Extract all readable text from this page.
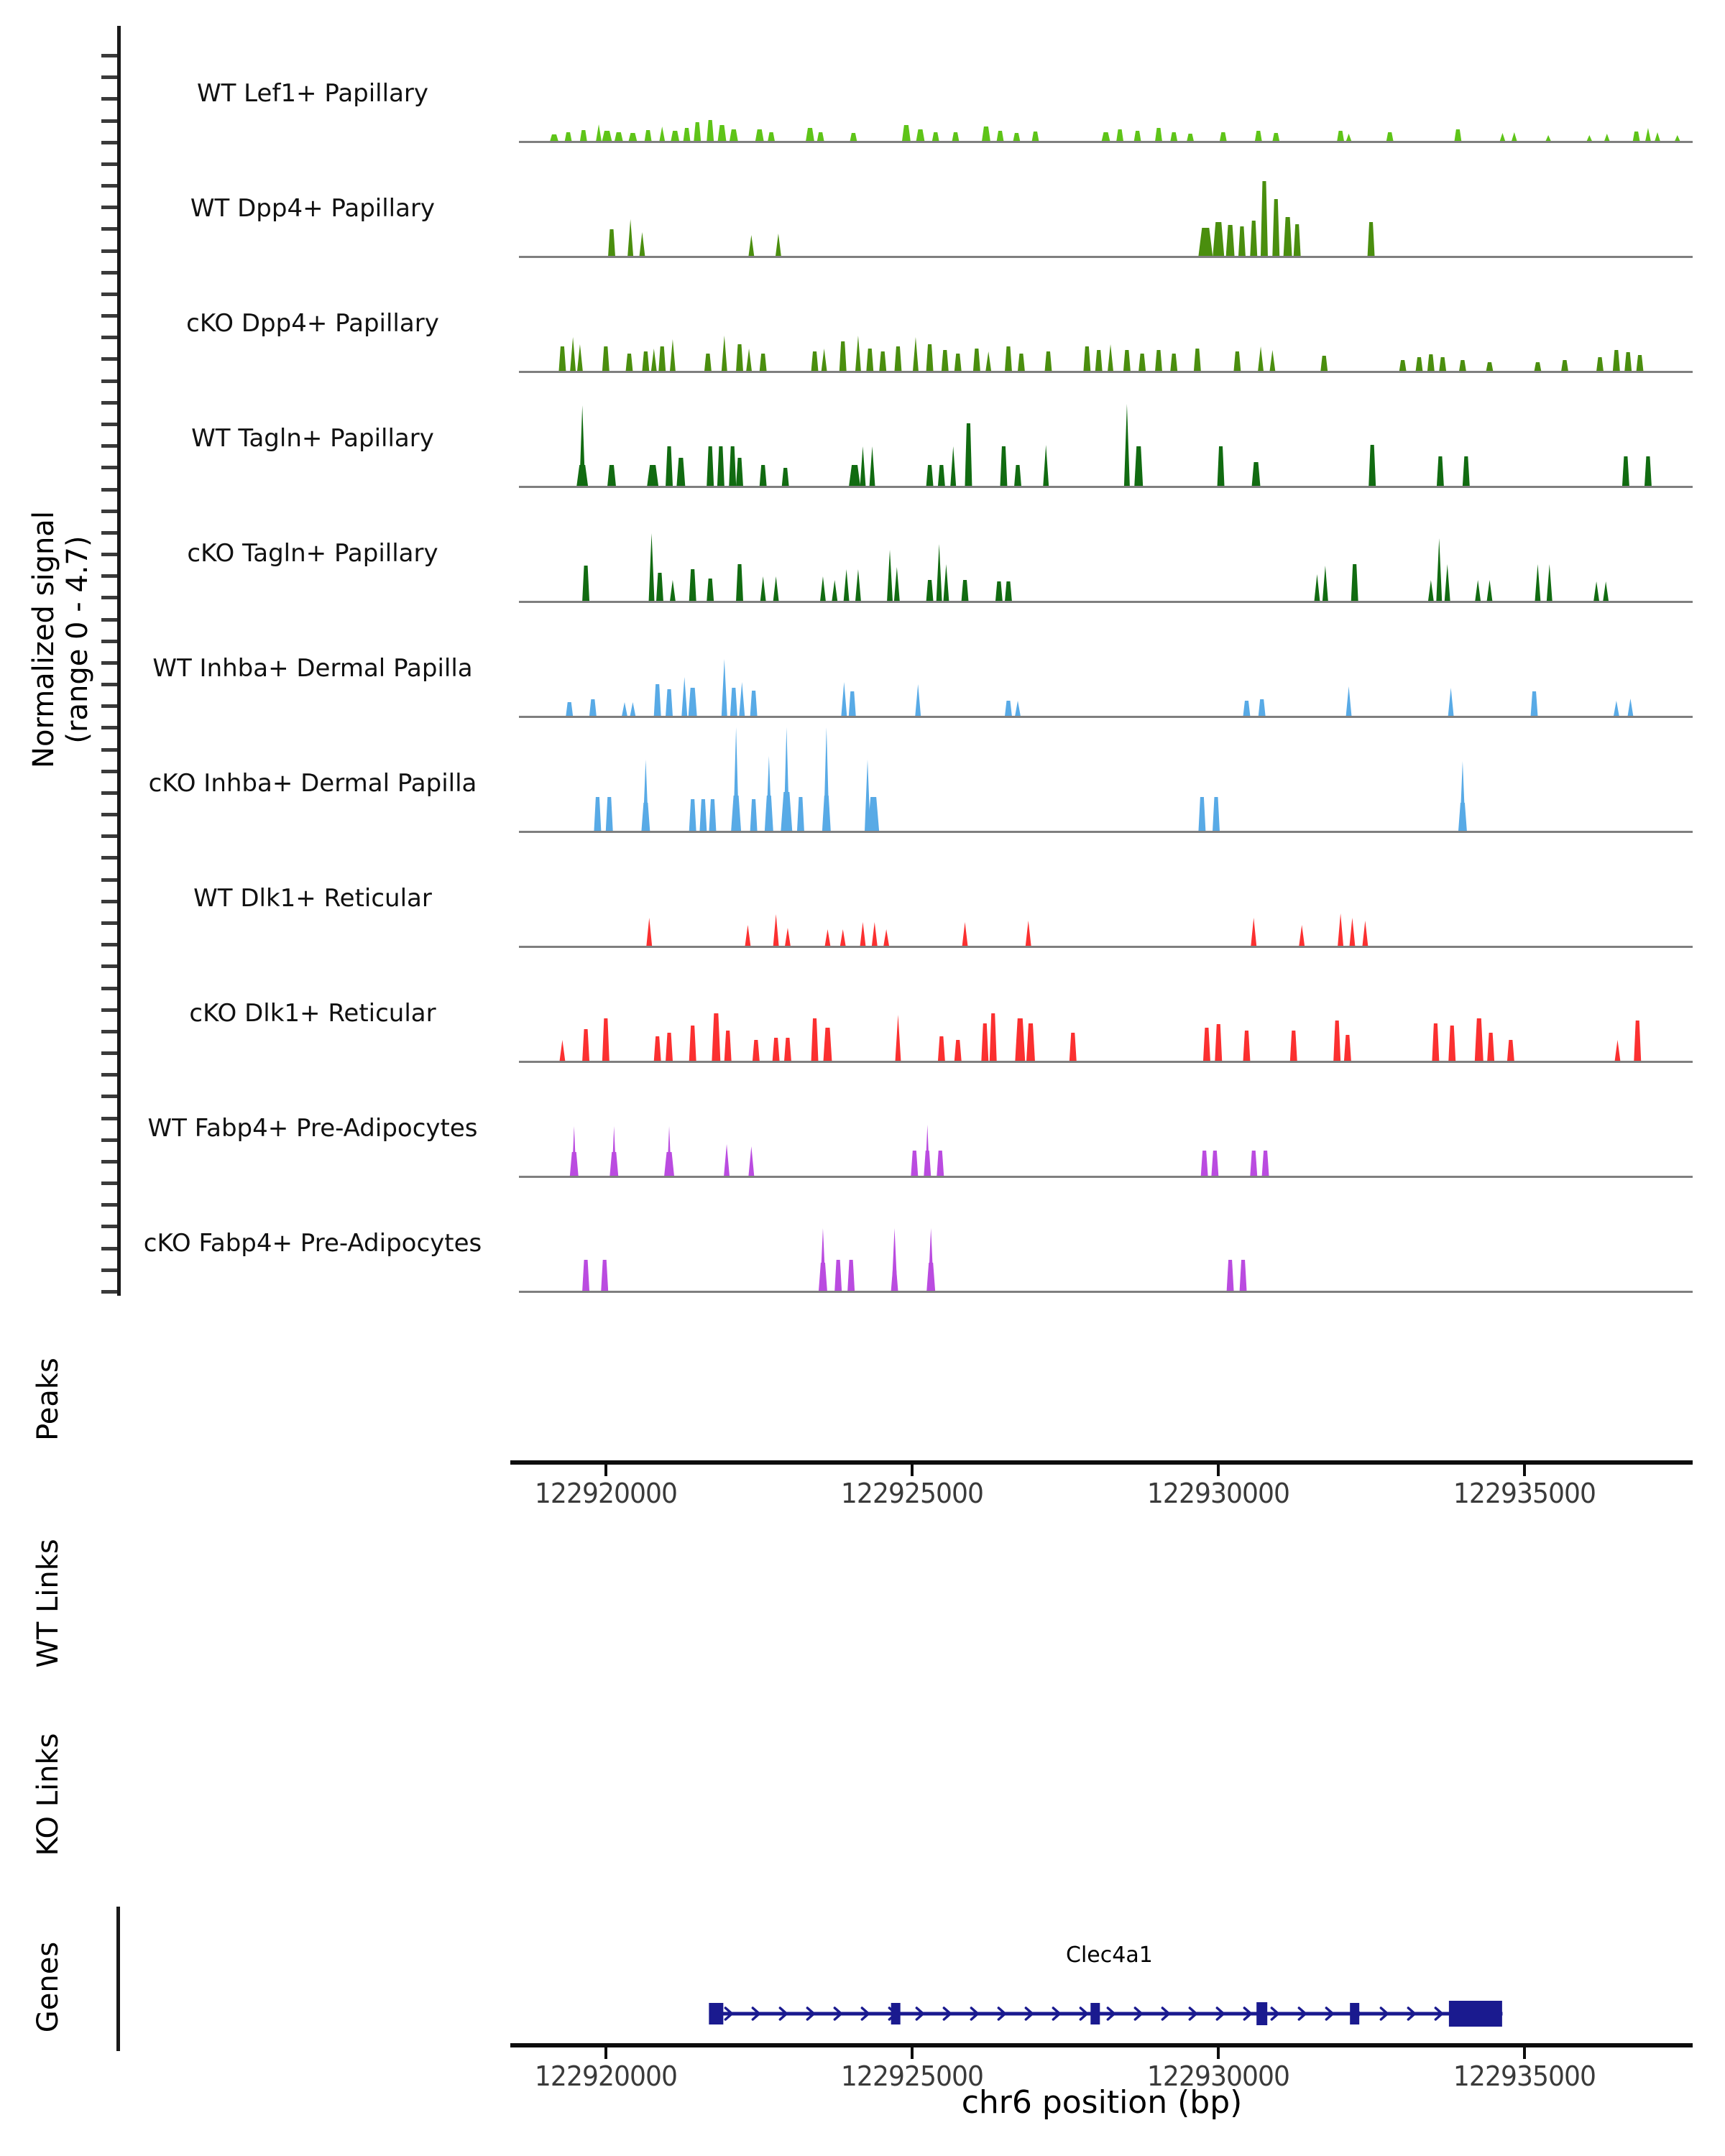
Normalized signal (range 0 - 4.7)
Peaks
WT Links
KO Links
Genes
WT Lef1+ Papillary
WT Dpp4+ Papillary
cKO Dpp4+ Papillary
WT Tagln+ Papillary
cKO Tagln+ Papillary
WT Inhba+ Dermal Papilla
cKO Inhba+ Dermal Papilla
WT Dlk1+ Reticular
cKO Dlk1+ Reticular
WT Fabp4+ Pre-Adipocytes
cKO Fabp4+ Pre-Adipocytes
122920000	122925000	122930000	122935000
Clec4a1
122920000	122925000	122930000	122935000
chr6 position (bp)
